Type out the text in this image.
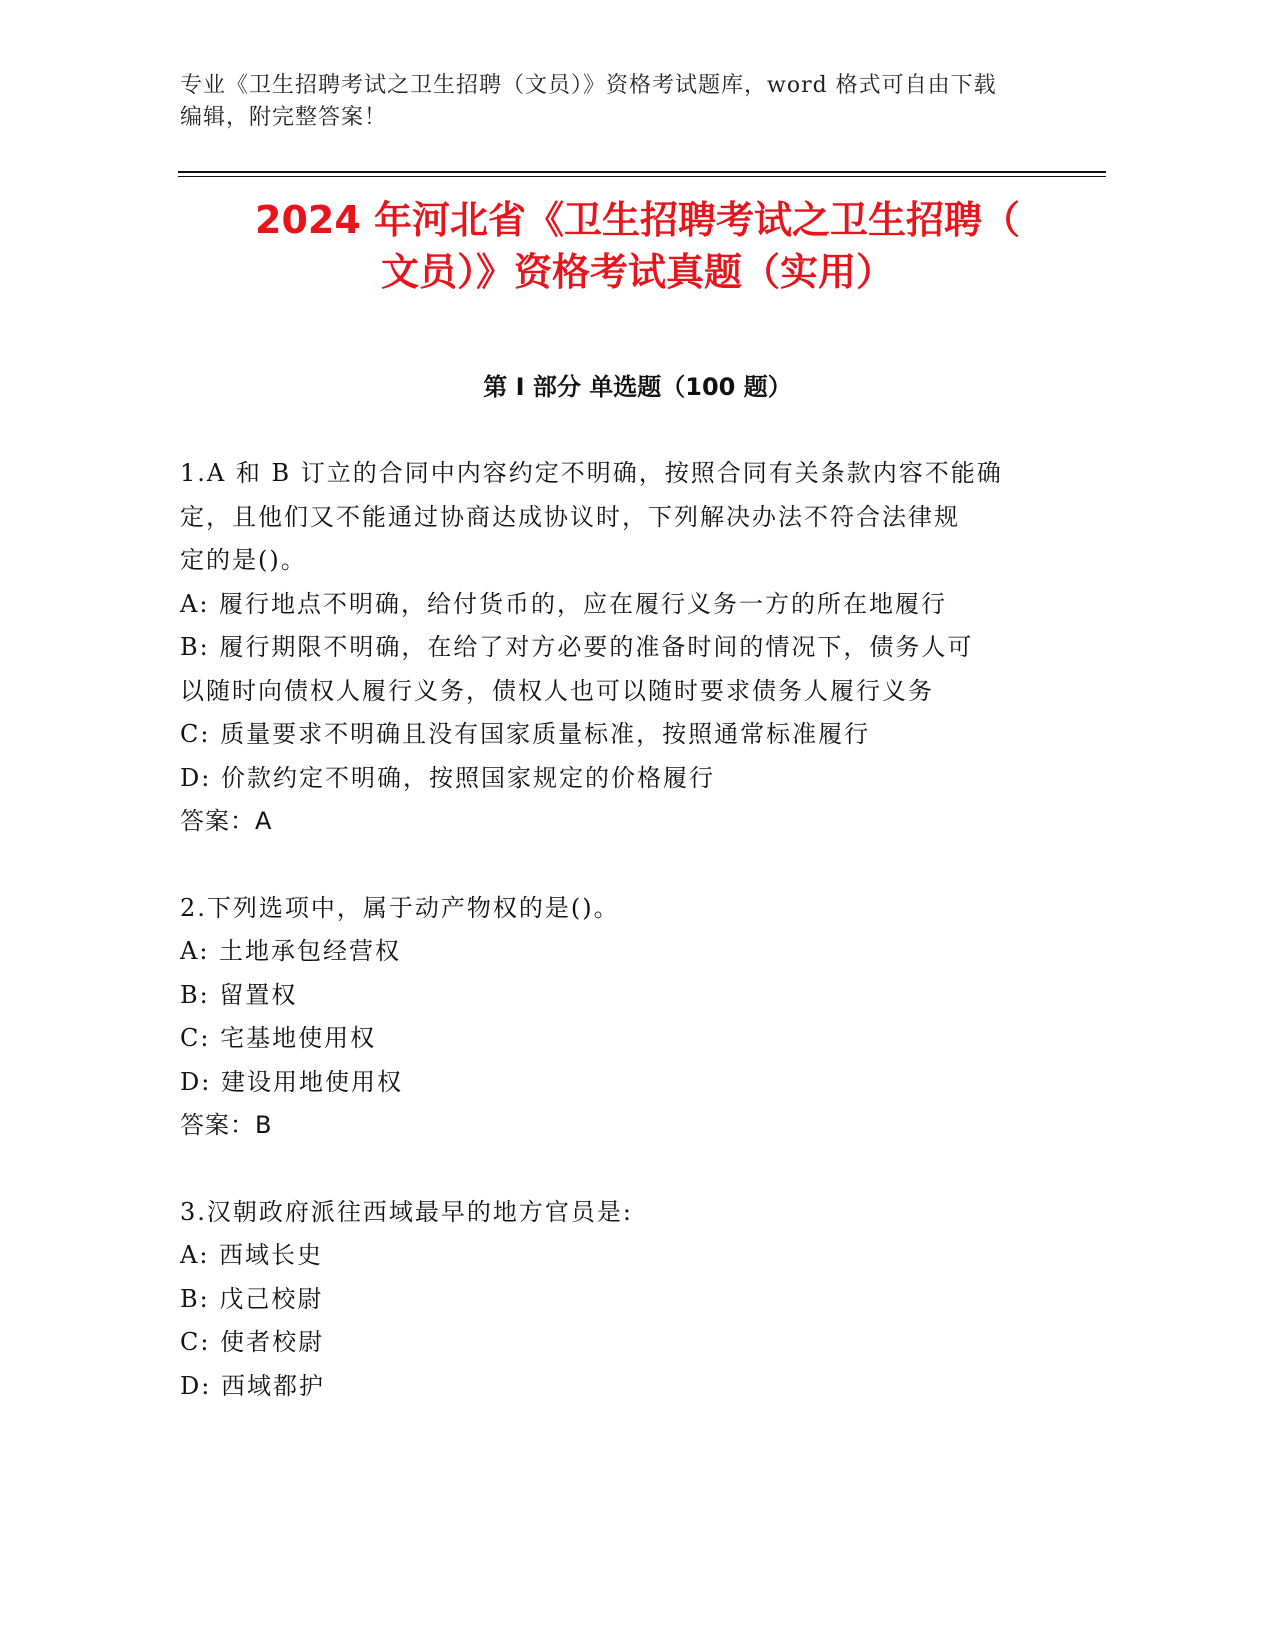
专业《卫生招聘考试之卫生招聘（文员）》资格考试题库，word 格式可自由下载
编辑，附完整答案！
2024 年河北省《卫生招聘考试之卫生招聘（
文员）》资格考试真题（实用）
第 I 部分 单选题（100 题）
1.A 和 B 订立的合同中内容约定不明确，按照合同有关条款内容不能确
定，且他们又不能通过协商达成协议时，下列解决办法不符合法律规
定的是()。
A: 履行地点不明确，给付货币的，应在履行义务一方的所在地履行
B: 履行期限不明确，在给了对方必要的准备时间的情况下，债务人可
以随时向债权人履行义务，债权人也可以随时要求债务人履行义务
C: 质量要求不明确且没有国家质量标准，按照通常标准履行
D: 价款约定不明确，按照国家规定的价格履行
答案：A
2.下列选项中，属于动产物权的是()。
A: 土地承包经营权
B: 留置权
C: 宅基地使用权
D: 建设用地使用权
答案：B
3.汉朝政府派往西域最早的地方官员是:
A: 西域长史
B: 戊己校尉
C: 使者校尉
D: 西域都护
